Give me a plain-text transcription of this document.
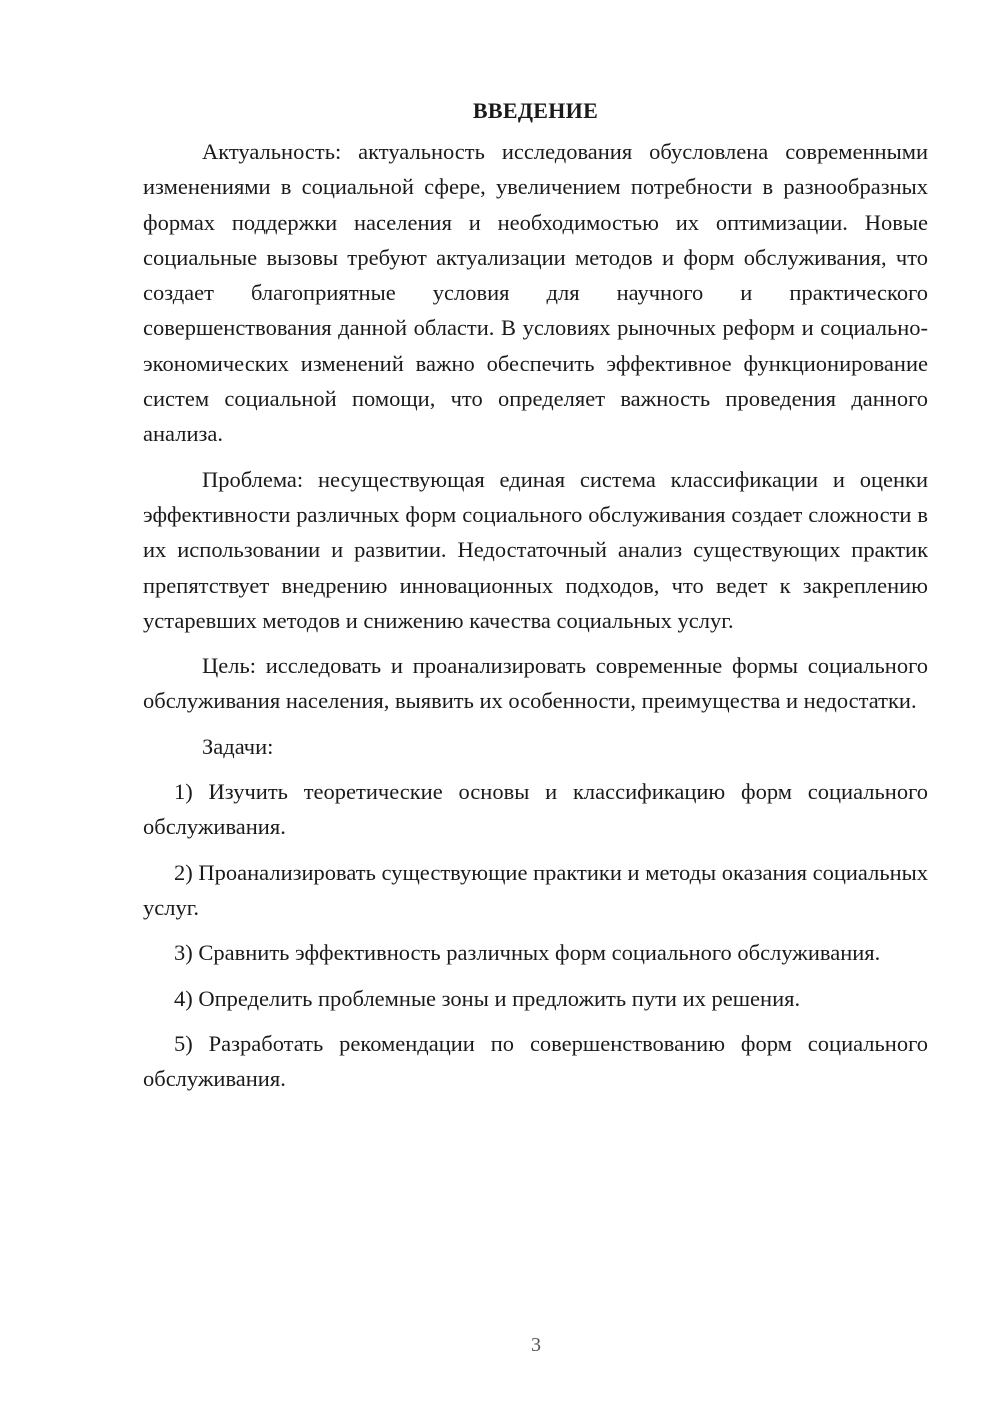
ВВЕДЕНИЕ

Актуальность: актуальность исследования обусловлена современными изменениями в социальной сфере, увеличением потребности в разнообразных формах поддержки населения и необходимостью их оптимизации. Новые социальные вызовы требуют актуализации методов и форм обслуживания, что создает благоприятные условия для научного и практического совершенствования данной области. В условиях рыночных реформ и социально-экономических изменений важно обеспечить эффективное функционирование систем социальной помощи, что определяет важность проведения данного анализа.

Проблема: несуществующая единая система классификации и оценки эффективности различных форм социального обслуживания создает сложности в их использовании и развитии. Недостаточный анализ существующих практик препятствует внедрению инновационных подходов, что ведет к закреплению устаревших методов и снижению качества социальных услуг.

Цель: исследовать и проанализировать современные формы социального обслуживания населения, выявить их особенности, преимущества и недостатки.

Задачи:

1) Изучить теоретические основы и классификацию форм социального обслуживания.

2) Проанализировать существующие практики и методы оказания социальных услуг.

3) Сравнить эффективность различных форм социального обслуживания.

4) Определить проблемные зоны и предложить пути их решения.

5) Разработать рекомендации по совершенствованию форм социального обслуживания.

3
